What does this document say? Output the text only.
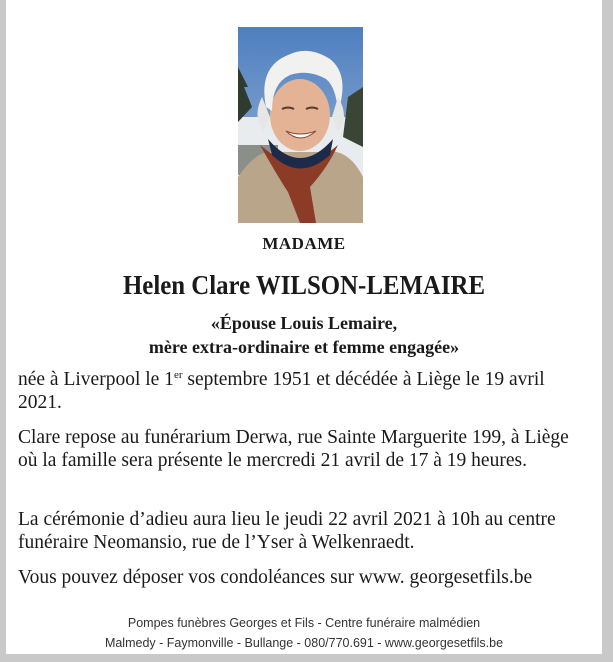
MADAME
Helen Clare WILSON-LEMAIRE
«Épouse Louis Lemaire,
mère extra-ordinaire et femme engagée»
née à Liverpool le 1er septembre 1951 et décédée à Liège le 19 avril 2021.
Clare repose au funérarium Derwa, rue Sainte Marguerite 199, à Liège où la famille sera présente le mercredi 21 avril de 17 à 19 heures.
La cérémonie d’adieu aura lieu le jeudi 22 avril 2021 à 10h au centre funéraire Neomansio, rue de l’Yser à Welkenraedt.
Vous pouvez déposer vos condoléances sur www. georgesetfils.be
Pompes funèbres Georges et Fils - Centre funéraire malmédien
Malmedy - Faymonville - Bullange - 080/770.691 - www.georgesetfils.be
